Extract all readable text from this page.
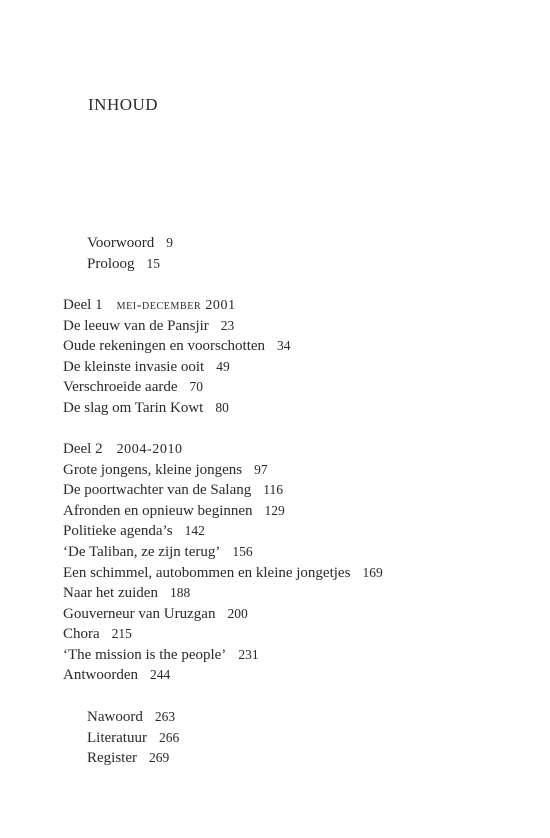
INHOUD
Voorwoord 9
Proloog 15
Deel 1 mei-december 2001
De leeuw van de Pansjir 23
Oude rekeningen en voorschotten 34
De kleinste invasie ooit 49
Verschroeide aarde 70
De slag om Tarin Kowt 80
Deel 2 2004-2010
Grote jongens, kleine jongens 97
De poortwachter van de Salang 116
Afronden en opnieuw beginnen 129
Politieke agenda’s 142
‘De Taliban, ze zijn terug’ 156
Een schimmel, autobommen en kleine jongetjes 169
Naar het zuiden 188
Gouverneur van Uruzgan 200
Chora 215
‘The mission is the people’ 231
Antwoorden 244
Nawoord 263
Literatuur 266
Register 269
